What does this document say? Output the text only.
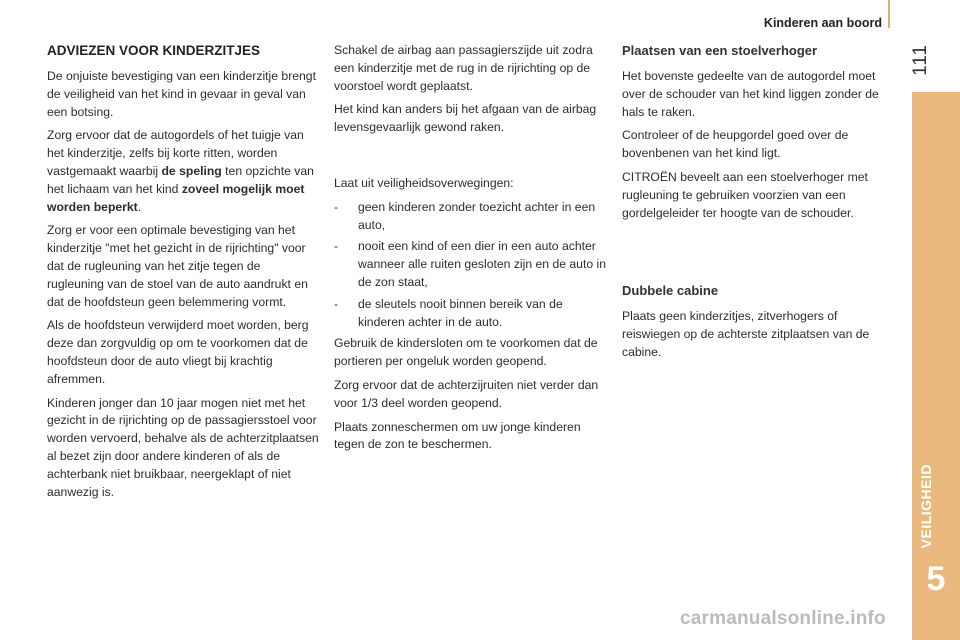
Kinderen aan boord
111
VEILIGHEID
5
ADVIEZEN VOOR KINDERZITJES

De onjuiste bevestiging van een kinderzitje brengt de veiligheid van het kind in gevaar in geval van een botsing.

Zorg ervoor dat de autogordels of het tuigje van het kinderzitje, zelfs bij korte ritten, worden vastgemaakt waarbij de speling ten opzichte van het lichaam van het kind zoveel mogelijk moet worden beperkt.

Zorg er voor een optimale bevestiging van het kinderzitje "met het gezicht in de rijrichting" voor dat de rugleuning van het zitje tegen de rugleuning van de stoel van de auto aandrukt en dat de hoofdsteun geen belemmering vormt.

Als de hoofdsteun verwijderd moet worden, berg deze dan zorgvuldig op om te voorkomen dat de hoofdsteun door de auto vliegt bij krachtig afremmen.

Kinderen jonger dan 10 jaar mogen niet met het gezicht in de rijrichting op de passagiersstoel voor worden vervoerd, behalve als de achterzitplaatsen al bezet zijn door andere kinderen of als de achterbank niet bruikbaar, neergeklapt of niet aanwezig is.

Schakel de airbag aan passagierszijde uit zodra een kinderzitje met de rug in de rijrichting op de voorstoel wordt geplaatst.

Het kind kan anders bij het afgaan van de airbag levensgevaarlijk gewond raken.

Laat uit veiligheidsoverwegingen:

- geen kinderen zonder toezicht achter in een auto,
- nooit een kind of een dier in een auto achter wanneer alle ruiten gesloten zijn en de auto in de zon staat,
- de sleutels nooit binnen bereik van de kinderen achter in de auto.

Gebruik de kindersloten om te voorkomen dat de portieren per ongeluk worden geopend.

Zorg ervoor dat de achterzijruiten niet verder dan voor 1/3 deel worden geopend.

Plaats zonneschermen om uw jonge kinderen tegen de zon te beschermen.

Plaatsen van een stoelverhoger

Het bovenste gedeelte van de autogordel moet over de schouder van het kind liggen zonder de hals te raken.

Controleer of de heupgordel goed over de bovenbenen van het kind ligt.

CITROËN beveelt aan een stoelverhoger met rugleuning te gebruiken voorzien van een gordelgeleider ter hoogte van de schouder.

Dubbele cabine

Plaats geen kinderzitjes, zitverhogers of reiswiegen op de achterste zitplaatsen van de cabine.

carmanualsonline.info
